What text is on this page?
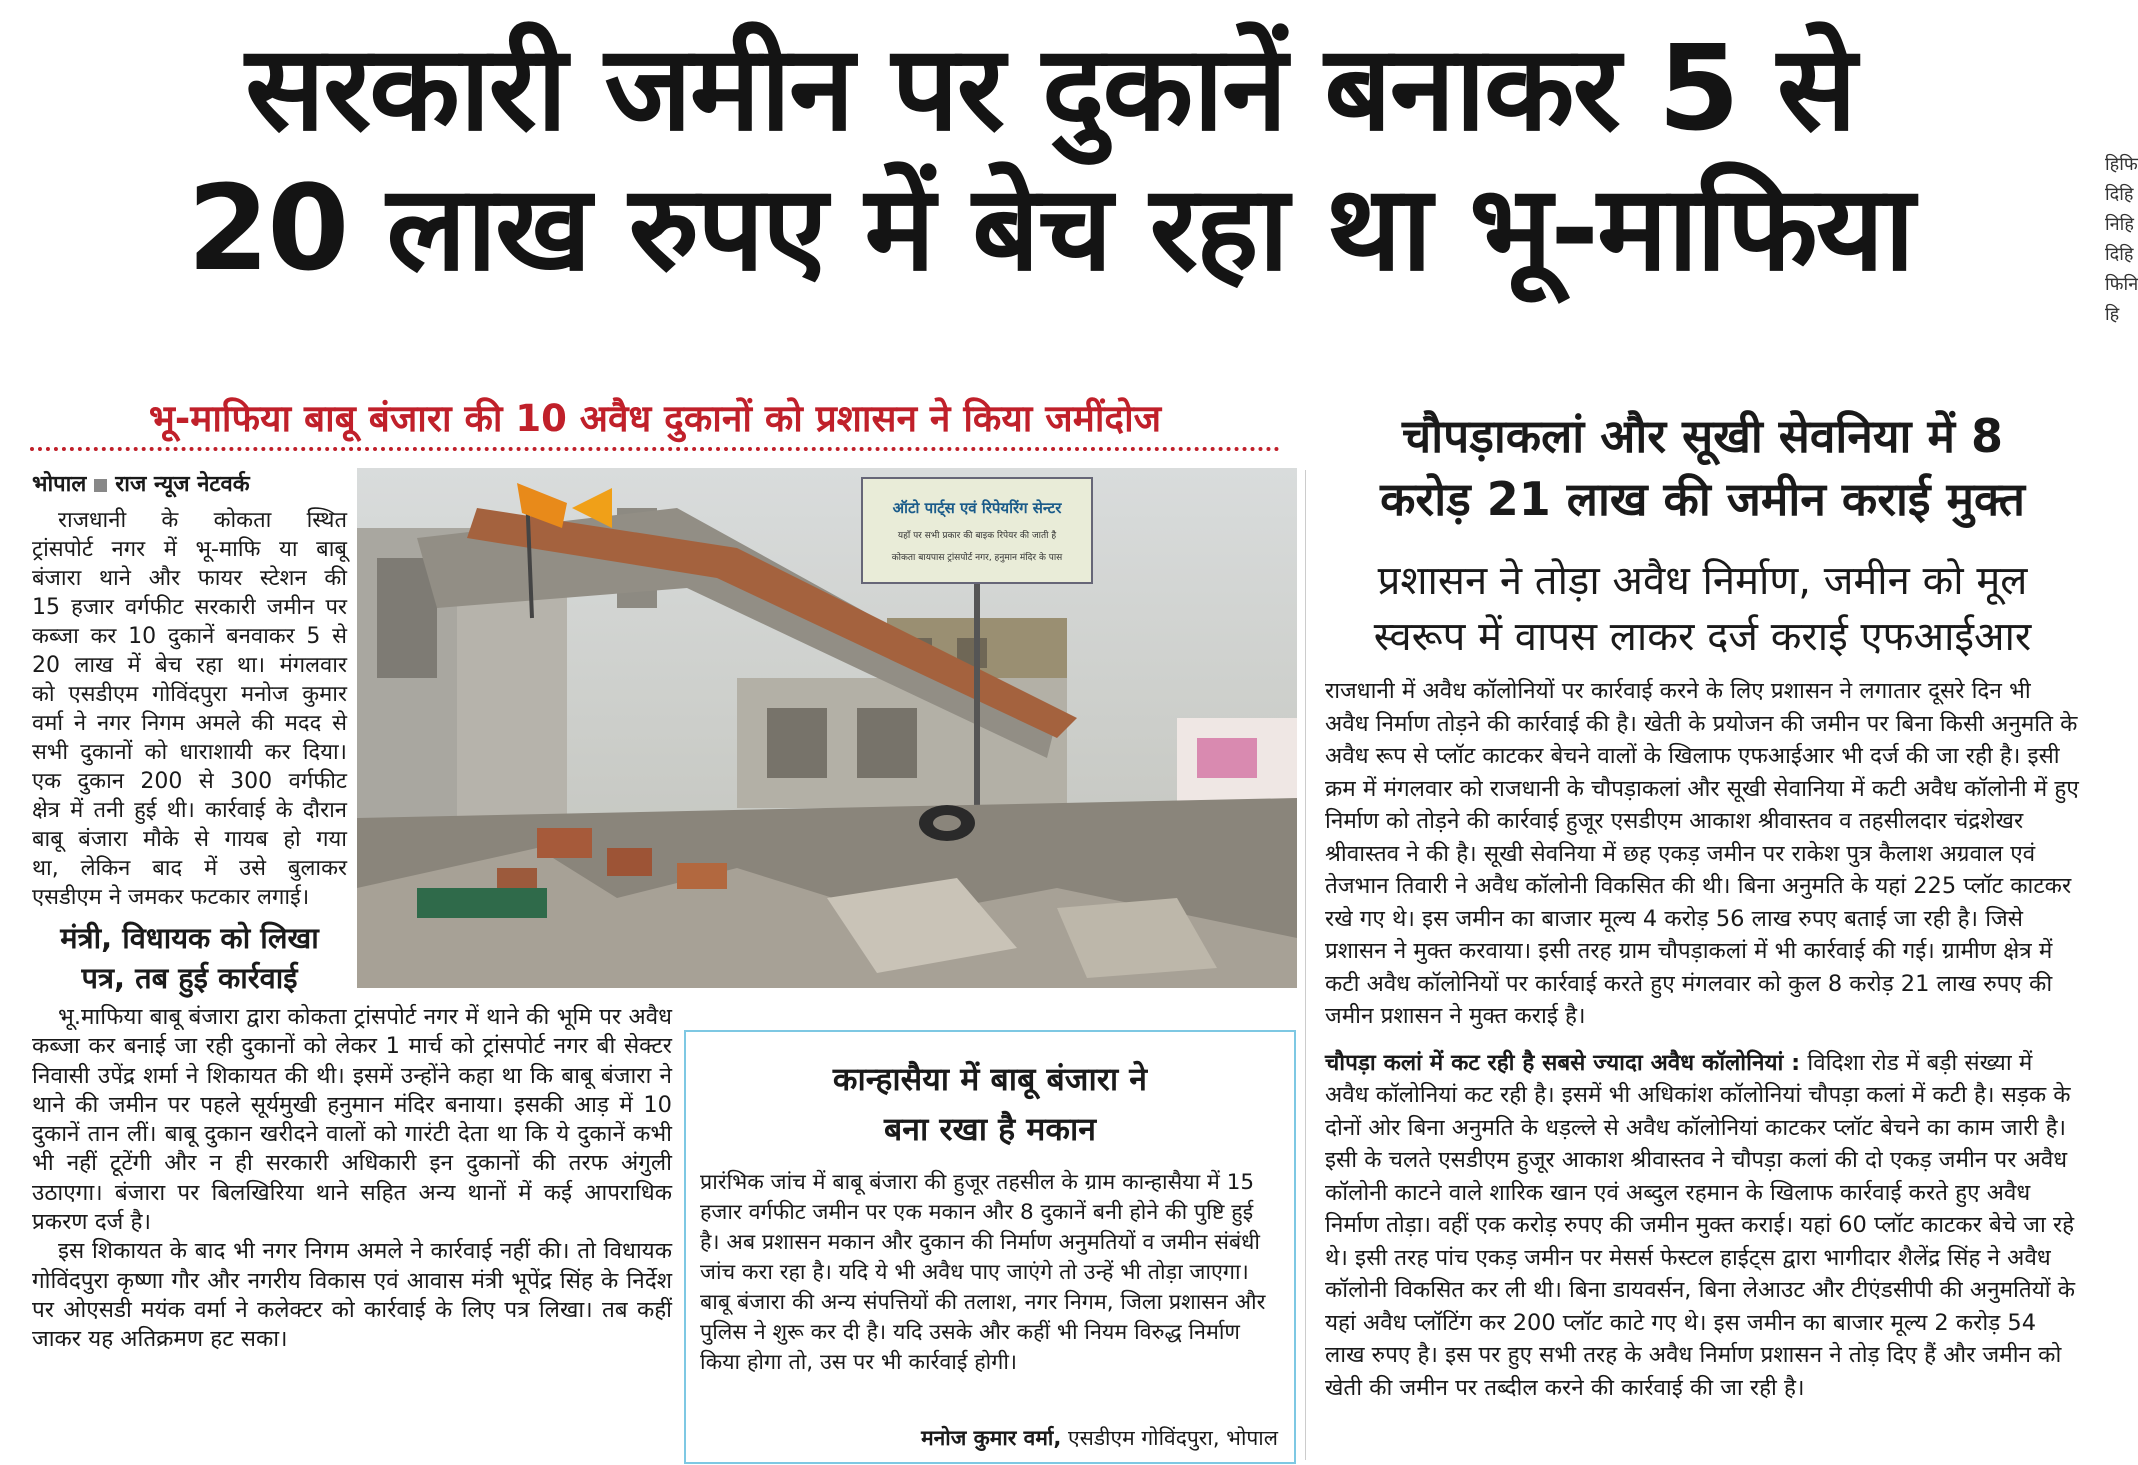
सरकारी जमीन पर दुकानें बनाकर 5 से
20 लाख रुपए में बेच रहा था भू-माफिया
भू-माफिया बाबू बंजारा की 10 अवैध दुकानों को प्रशासन ने किया जमींदोज
भोपाल राज न्यूज नेटवर्क
राजधानी के कोकता स्थित
ट्रांसपोर्ट नगर में भू-माफि या बाबू
बंजारा थाने और फायर स्टेशन की
15 हजार वर्गफीट सरकारी जमीन पर
कब्जा कर 10 दुकानें बनवाकर 5 से
20 लाख में बेच रहा था। मंगलवार
को एसडीएम गोविंदपुरा मनोज कुमार
वर्मा ने नगर निगम अमले की मदद से
सभी दुकानों को धाराशायी कर दिया।
एक दुकान 200 से 300 वर्गफीट
क्षेत्र में तनी हुई थी। कार्रवाई के दौरान
बाबू बंजारा मौके से गायब हो गया
था, लेकिन बाद में उसे बुलाकर
एसडीएम ने जमकर फटकार लगाई।
मंत्री, विधायक को लिखा
पत्र, तब हुई कार्रवाई

भू.माफिया बाबू बंजारा द्वारा कोकता ट्रांसपोर्ट नगर में थाने की भूमि पर अवैध कब्जा कर बनाई जा रही दुकानों को लेकर 1 मार्च को ट्रांसपोर्ट नगर बी सेक्टर निवासी उपेंद्र शर्मा ने शिकायत की थी। इसमें उन्होंने कहा था कि बाबू बंजारा ने थाने की जमीन पर पहले सूर्यमुखी हनुमान मंदिर बनाया। इसकी आड़ में 10 दुकानें तान लीं। बाबू दुकान खरीदने वालों को गारंटी देता था कि ये दुकानें कभी भी नहीं टूटेंगी और न ही सरकारी अधिकारी इन दुकानों की तरफ अंगुली उठाएगा। बंजारा पर बिलखिरिया थाने सहित अन्य थानों में कई आपराधिक प्रकरण दर्ज है।

इस शिकायत के बाद भी नगर निगम अमले ने कार्रवाई नहीं की। तो विधायक गोविंदपुरा कृष्णा गौर और नगरीय विकास एवं आवास मंत्री भूपेंद्र सिंह के निर्देश पर ओएसडी मयंक वर्मा ने कलेक्टर को कार्रवाई के लिए पत्र लिखा। तब कहीं जाकर यह अतिक्रमण हट सका।

ऑटो पार्ट्स एवं रिपेयरिंग सेन्टर
यहाँ पर सभी प्रकार की बाइक रिपेयर की जाती है
कोकता बायपास ट्रांसपोर्ट नगर, हनुमान मंदिर के पास
कान्हासैया में बाबू बंजारा ने
बना रखा है मकान
प्रारंभिक जांच में बाबू बंजारा की हुजूर तहसील के ग्राम कान्हासैया में 15 हजार वर्गफीट जमीन पर एक मकान और 8 दुकानें बनी होने की पुष्टि हुई है। अब प्रशासन मकान और दुकान की निर्माण अनुमतियों व जमीन संबंधी जांच करा रहा है। यदि ये भी अवैध पाए जाएंगे तो उन्हें भी तोड़ा जाएगा। बाबू बंजारा की अन्य संपत्तियों की तलाश, नगर निगम, जिला प्रशासन और पुलिस ने शुरू कर दी है। यदि उसके और कहीं भी नियम विरुद्ध निर्माण किया होगा तो, उस पर भी कार्रवाई होगी।
मनोज कुमार वर्मा, एसडीएम गोविंदपुरा, भोपाल
चौपड़ाकलां और सूखी सेवनिया में 8
करोड़ 21 लाख की जमीन कराई मुक्त
प्रशासन ने तोड़ा अवैध निर्माण, जमीन को मूल
स्वरूप में वापस लाकर दर्ज कराई एफआईआर

राजधानी में अवैध कॉलोनियों पर कार्रवाई करने के लिए प्रशासन ने लगातार दूसरे दिन भी अवैध निर्माण तोड़ने की कार्रवाई की है। खेती के प्रयोजन की जमीन पर बिना किसी अनुमति के अवैध रूप से प्लॉट काटकर बेचने वालों के खिलाफ एफआईआर भी दर्ज की जा रही है। इसी क्रम में मंगलवार को राजधानी के चौपड़ाकलां और सूखी सेवानिया में कटी अवैध कॉलोनी में हुए निर्माण को तोड़ने की कार्रवाई हुजूर एसडीएम आकाश श्रीवास्तव व तहसीलदार चंद्रशेखर श्रीवास्तव ने की है। सूखी सेवनिया में छह एकड़ जमीन पर राकेश पुत्र कैलाश अग्रवाल एवं तेजभान तिवारी ने अवैध कॉलोनी विकसित की थी। बिना अनुमति के यहां 225 प्लॉट काटकर रखे गए थे। इस जमीन का बाजार मूल्य 4 करोड़ 56 लाख रुपए बताई जा रही है। जिसे प्रशासन ने मुक्त करवाया। इसी तरह ग्राम चौपड़ाकलां में भी कार्रवाई की गई। ग्रामीण क्षेत्र में कटी अवैध कॉलोनियों पर कार्रवाई करते हुए मंगलवार को कुल 8 करोड़ 21 लाख रुपए की जमीन प्रशासन ने मुक्त कराई है।

चौपड़ा कलां में कट रही है सबसे ज्यादा अवैध कॉलोनियां : विदिशा रोड में बड़ी संख्या में अवैध कॉलोनियां कट रही है। इसमें भी अधिकांश कॉलोनियां चौपड़ा कलां में कटी है। सड़क के दोनों ओर बिना अनुमति के धड़ल्ले से अवैध कॉलोनियां काटकर प्लॉट बेचने का काम जारी है। इसी के चलते एसडीएम हुजूर आकाश श्रीवास्तव ने चौपड़ा कलां की दो एकड़ जमीन पर अवैध कॉलोनी काटने वाले शारिक खान एवं अब्दुल रहमान के खिलाफ कार्रवाई करते हुए अवैध निर्माण तोड़ा। वहीं एक करोड़ रुपए की जमीन मुक्त कराई। यहां 60 प्लॉट काटकर बेचे जा रहे थे। इसी तरह पांच एकड़ जमीन पर मेसर्स फेस्टल हाईट्स द्वारा भागीदार शैलेंद्र सिंह ने अवैध कॉलोनी विकसित कर ली थी। बिना डायवर्सन, बिना लेआउट और टीएंडसीपी की अनुमतियों के यहां अवैध प्लॉटिंग कर 200 प्लॉट काटे गए थे। इस जमीन का बाजार मूल्य 2 करोड़ 54 लाख रुपए है। इस पर हुए सभी तरह के अवैध निर्माण प्रशासन ने तोड़ दिए हैं और जमीन को खेती की जमीन पर तब्दील करने की कार्रवाई की जा रही है।

हिफिदिहिनिहिदिहिफिनिहि
